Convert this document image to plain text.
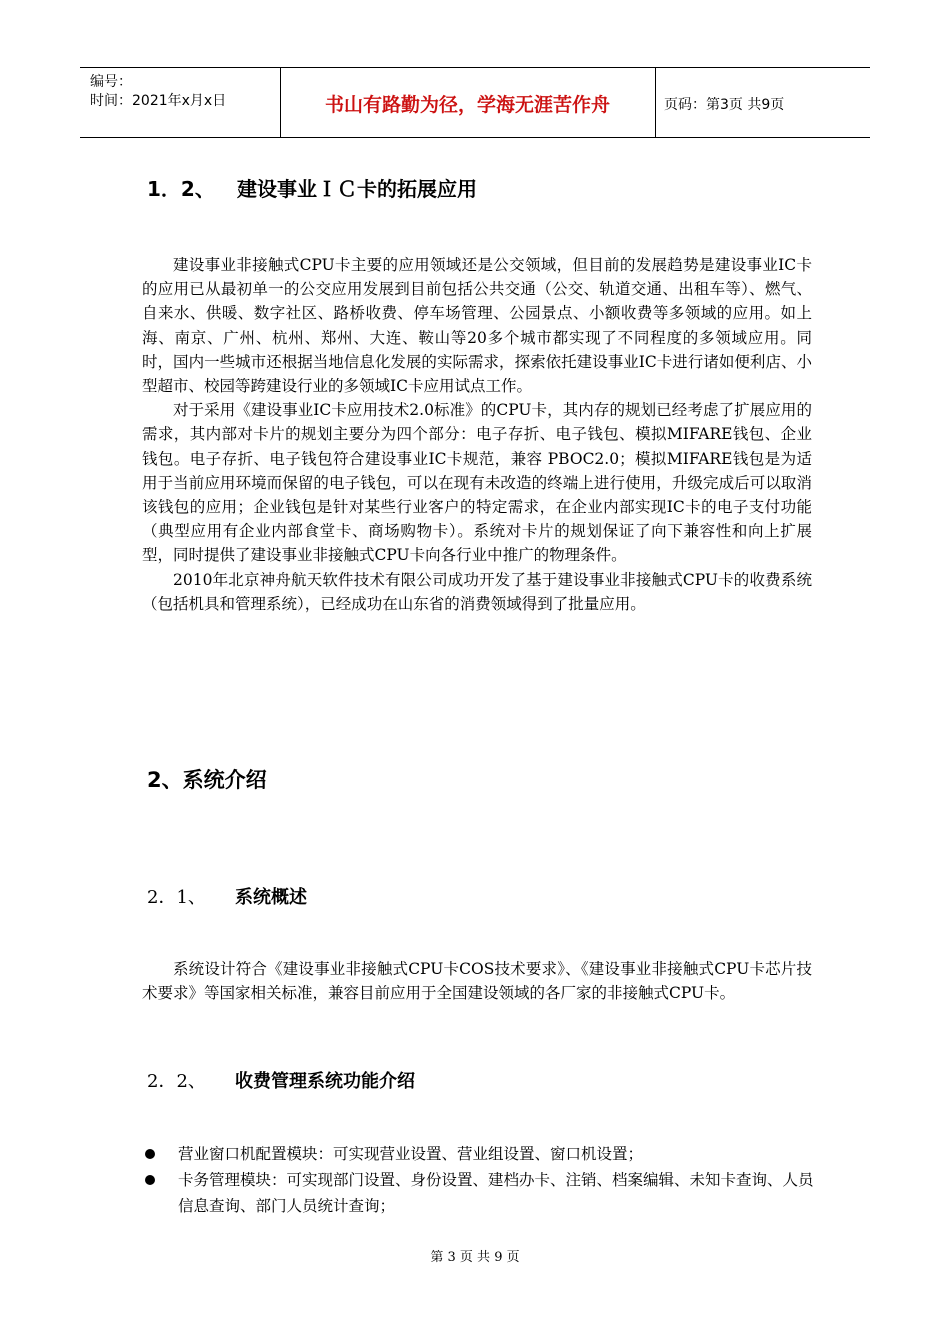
编号：
时间：2021年x月x日	书山有路勤为径，学海无涯苦作舟	页码：第3页 共9页
1．2、 建设事业ＩＣ卡的拓展应用

建设事业非接触式CPU卡主要的应用领域还是公交领域，但目前的发展趋势是建设事业IC卡的应用已从最初单一的公交应用发展到目前包括公共交通（公交、轨道交通、出租车等）、燃气、自来水、供暖、数字社区、路桥收费、停车场管理、公园景点、小额收费等多领域的应用。如上海、南京、广州、杭州、郑州、大连、鞍山等20多个城市都实现了不同程度的多领域应用。同时，国内一些城市还根据当地信息化发展的实际需求，探索依托建设事业IC卡进行诸如便利店、小型超市、校园等跨建设行业的多领域IC卡应用试点工作。

对于采用《建设事业IC卡应用技术2.0标准》的CPU卡，其内存的规划已经考虑了扩展应用的需求，其内部对卡片的规划主要分为四个部分：电子存折、电子钱包、模拟MIFARE钱包、企业钱包。电子存折、电子钱包符合建设事业IC卡规范，兼容 PBOC2.0；模拟MIFARE钱包是为适用于当前应用环境而保留的电子钱包，可以在现有未改造的终端上进行使用，升级完成后可以取消该钱包的应用；企业钱包是针对某些行业客户的特定需求，在企业内部实现IC卡的电子支付功能（典型应用有企业内部食堂卡、商场购物卡）。系统对卡片的规划保证了向下兼容性和向上扩展型，同时提供了建设事业非接触式CPU卡向各行业中推广的物理条件。

2010年北京神舟航天软件技术有限公司成功开发了基于建设事业非接触式CPU卡的收费系统（包括机具和管理系统），已经成功在山东省的消费领域得到了批量应用。

2、系统介绍
2．1、 系统概述

系统设计符合《建设事业非接触式CPU卡COS技术要求》、《建设事业非接触式CPU卡芯片技术要求》等国家相关标准，兼容目前应用于全国建设领域的各厂家的非接触式CPU卡。

2．2、 收费管理系统功能介绍
营业窗口机配置模块：可实现营业设置、营业组设置、窗口机设置；
卡务管理模块：可实现部门设置、身份设置、建档办卡、注销、档案编辑、未知卡查询、人员信息查询、部门人员统计查询；
第 3 页 共 9 页
